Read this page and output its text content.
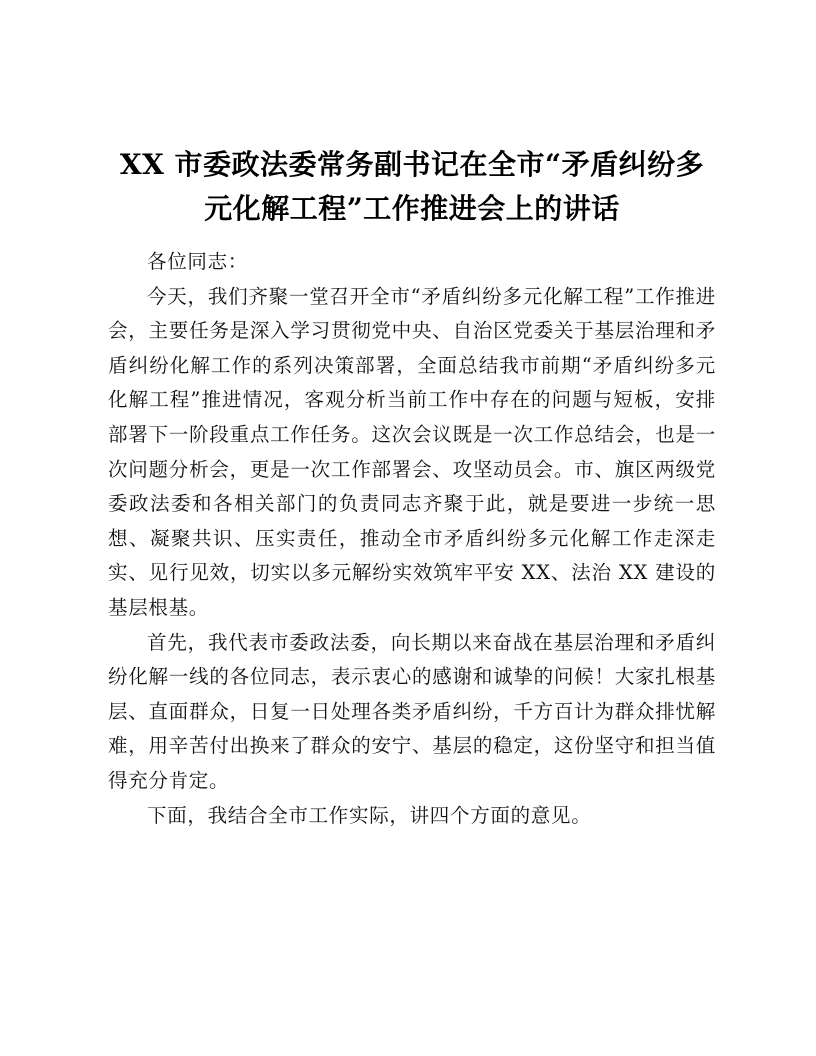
XX 市委政法委常务副书记在全市“矛盾纠纷多元化解工程”工作推进会上的讲话

各位同志：

今天，我们齐聚一堂召开全市“矛盾纠纷多元化解工程”工作推进会，主要任务是深入学习贯彻党中央、自治区党委关于基层治理和矛盾纠纷化解工作的系列决策部署，全面总结我市前期“矛盾纠纷多元化解工程”推进情况，客观分析当前工作中存在的问题与短板，安排部署下一阶段重点工作任务。这次会议既是一次工作总结会，也是一次问题分析会，更是一次工作部署会、攻坚动员会。市、旗区两级党委政法委和各相关部门的负责同志齐聚于此，就是要进一步统一思想、凝聚共识、压实责任，推动全市矛盾纠纷多元化解工作走深走实、见行见效，切实以多元解纷实效筑牢平安 XX、法治 XX 建设的基层根基。

首先，我代表市委政法委，向长期以来奋战在基层治理和矛盾纠纷化解一线的各位同志，表示衷心的感谢和诚挚的问候！大家扎根基层、直面群众，日复一日处理各类矛盾纠纷，千方百计为群众排忧解难，用辛苦付出换来了群众的安宁、基层的稳定，这份坚守和担当值得充分肯定。

下面，我结合全市工作实际，讲四个方面的意见。
